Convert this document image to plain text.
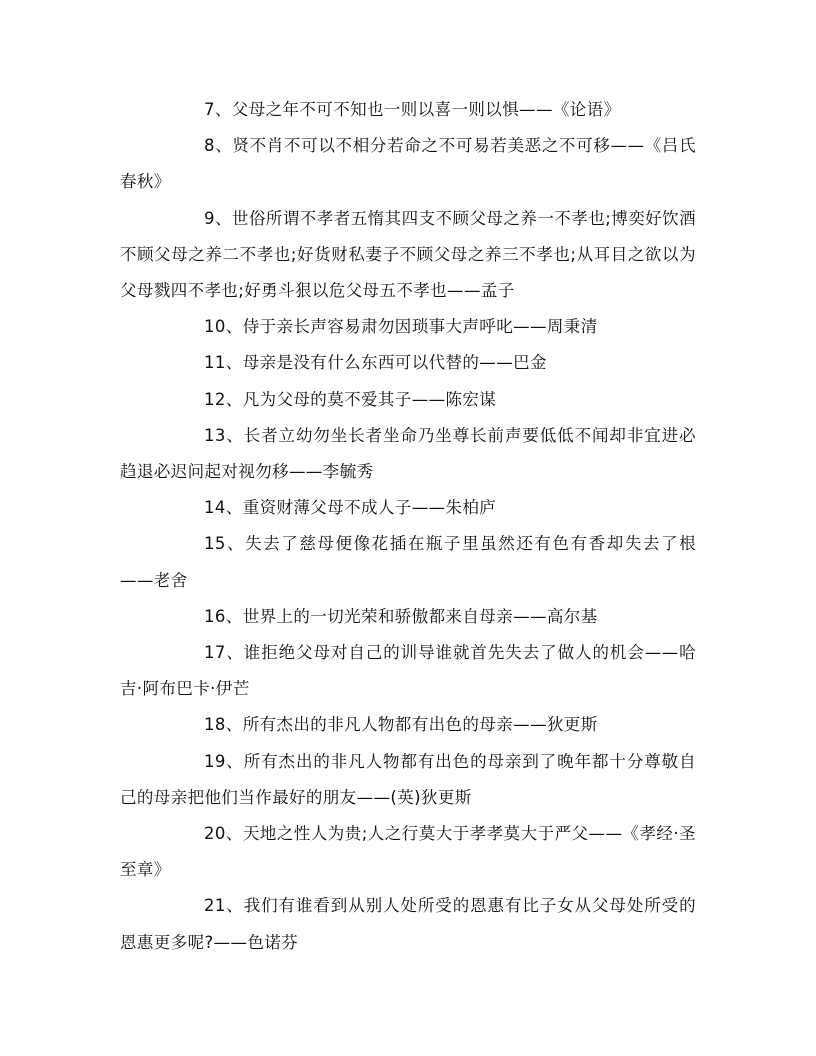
7、父母之年不可不知也一则以喜一则以惧——《论语》

8、贤不肖不可以不相分若命之不可易若美恶之不可移——《吕氏春秋》

9、世俗所谓不孝者五惰其四支不顾父母之养一不孝也;博奕好饮酒不顾父母之养二不孝也;好货财私妻子不顾父母之养三不孝也;从耳目之欲以为父母戮四不孝也;好勇斗狠以危父母五不孝也——孟子

10、侍于亲长声容易肃勿因琐事大声呼叱——周秉清

11、母亲是没有什么东西可以代替的——巴金

12、凡为父母的莫不爱其子——陈宏谋

13、长者立幼勿坐长者坐命乃坐尊长前声要低低不闻却非宜进必趋退必迟问起对视勿移——李毓秀

14、重资财薄父母不成人子——朱柏庐

15、失去了慈母便像花插在瓶子里虽然还有色有香却失去了根——老舍

16、世界上的一切光荣和骄傲都来自母亲——高尔基

17、谁拒绝父母对自己的训导谁就首先失去了做人的机会——哈吉·阿布巴卡·伊芒

18、所有杰出的非凡人物都有出色的母亲——狄更斯

19、所有杰出的非凡人物都有出色的母亲到了晚年都十分尊敬自己的母亲把他们当作最好的朋友——(英)狄更斯

20、天地之性人为贵;人之行莫大于孝孝莫大于严父——《孝经·圣至章》

21、我们有谁看到从别人处所受的恩惠有比子女从父母处所受的恩惠更多呢?——色诺芬
